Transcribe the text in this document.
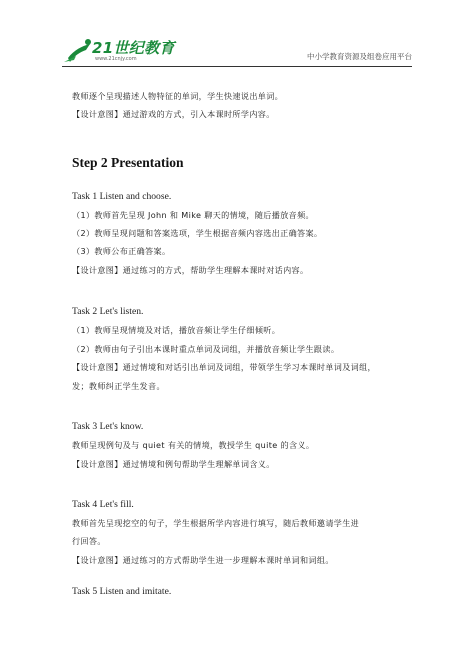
21世纪教育
www.21cnjy.com	中小学教育资源及组卷应用平台
教师逐个呈现描述人物特征的单词，学生快速说出单词。
【设计意图】通过游戏的方式，引入本课时所学内容。
Step 2 Presentation
Task 1 Listen and choose.
（1）教师首先呈现 John 和 Mike 聊天的情境，随后播放音频。
（2）教师呈现问题和答案选项，学生根据音频内容选出正确答案。
（3）教师公布正确答案。
【设计意图】通过练习的方式，帮助学生理解本课时对话内容。
Task 2 Let's listen.
（1）教师呈现情境及对话，播放音频让学生仔细倾听。
（2）教师由句子引出本课时重点单词及词组，并播放音频让学生跟读。
【设计意图】通过情境和对话引出单词及词组，带领学生学习本课时单词及词组，
发；教师纠正学生发音。
Task 3 Let's know.
教师呈现例句及与 quiet 有关的情境，教授学生 quite 的含义。
【设计意图】通过情境和例句帮助学生理解单词含义。
Task 4 Let's fill.
教师首先呈现挖空的句子，学生根据所学内容进行填写，随后教师邀请学生进
行回答。
【设计意图】通过练习的方式帮助学生进一步理解本课时单词和词组。
Task 5 Listen and imitate.
